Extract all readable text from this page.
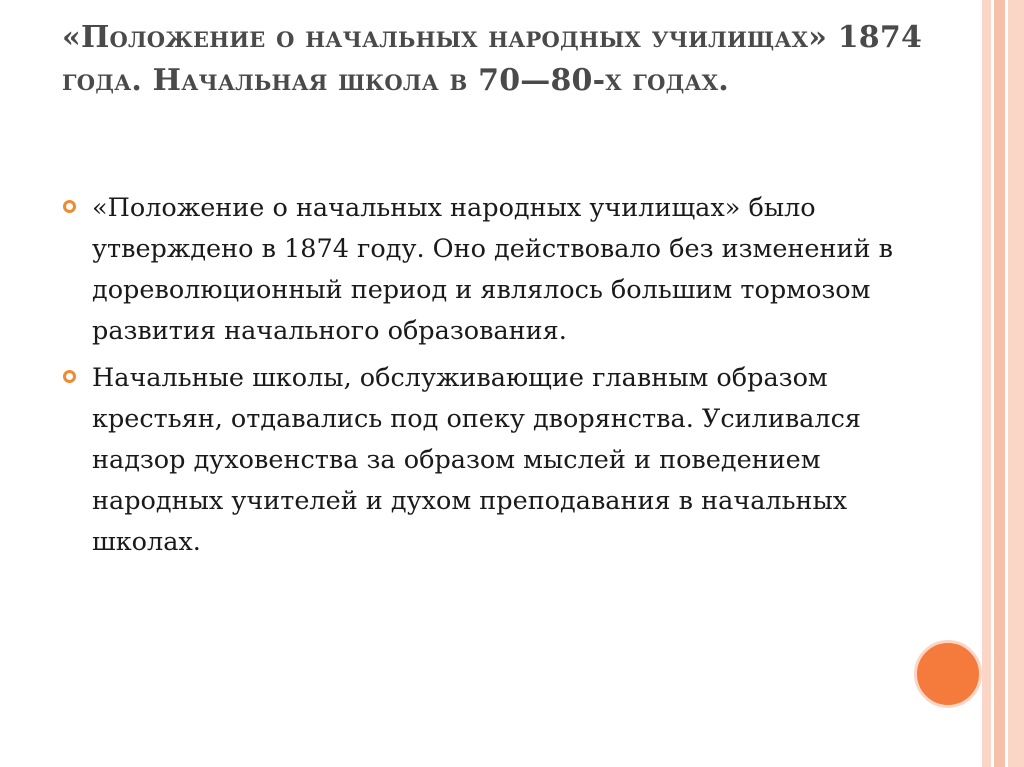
«Положение о начальных народных училищах» 1874 года. Начальная школа в 70—80-х годах.
«Положение о начальных народных училищах» было утверждено в 1874 году. Оно действовало без изменений в дореволюционный период и являлось большим тормозом развития начального образования.
Начальные школы, обслуживающие главным образом крестьян, отдавались под опеку дворянства. Усиливался надзор духовенства за образом мыслей и поведением народных учителей и духом преподавания в начальных школах.
